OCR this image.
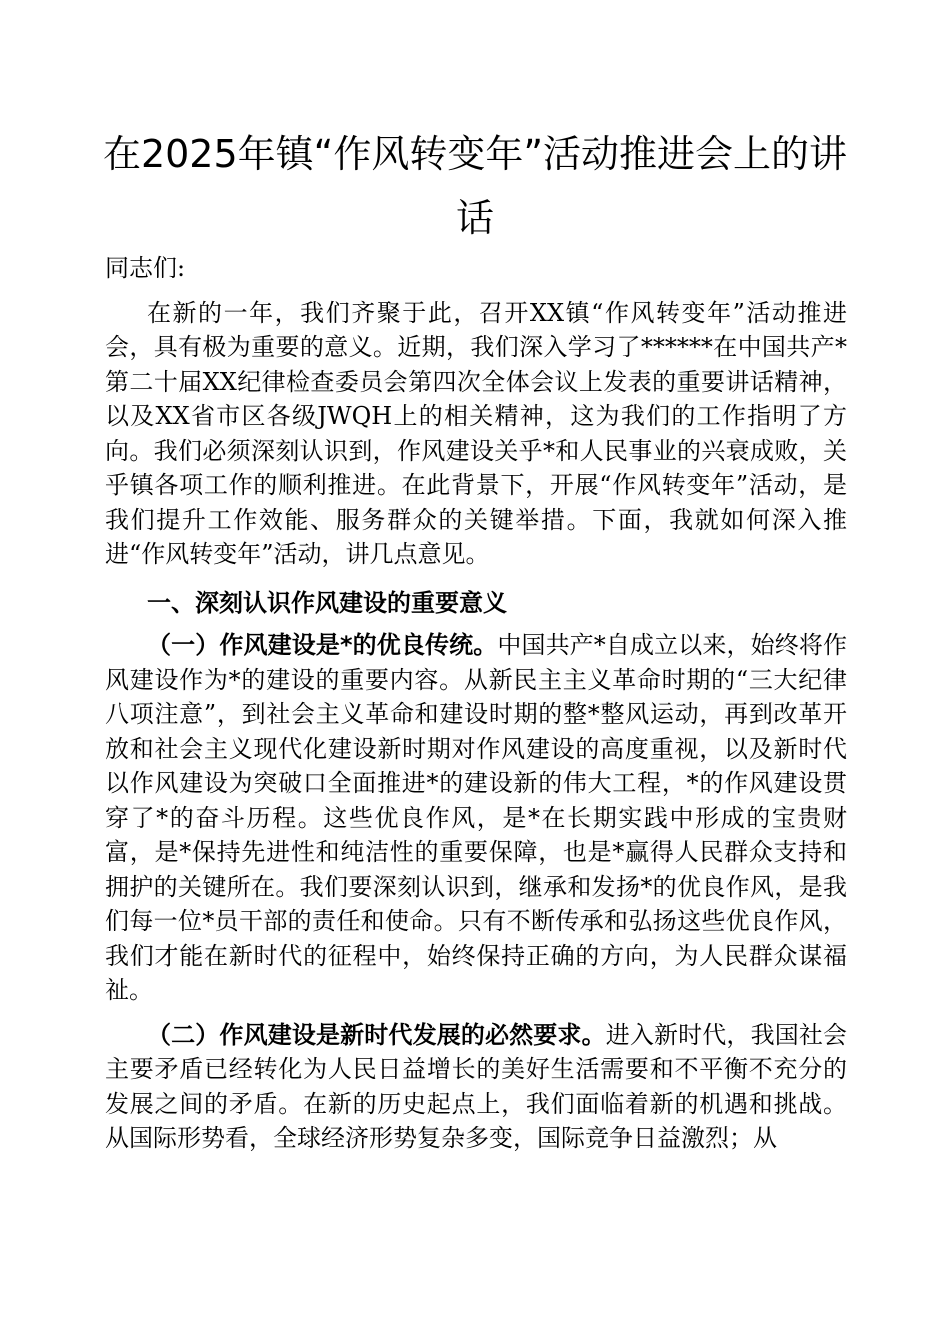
在2025年镇“作风转变年”活动推进会上的讲话

同志们:

在新的一年，我们齐聚于此，召开XX镇“作风转变年”活动推进会，具有极为重要的意义。近期，我们深入学习了******在中国共产*第二十届XX纪律检查委员会第四次全体会议上发表的重要讲话精神，以及XX省市区各级JWQH上的相关精神，这为我们的工作指明了方向。我们必须深刻认识到，作风建设关乎*和人民事业的兴衰成败，关乎镇各项工作的顺利推进。在此背景下，开展“作风转变年”活动，是我们提升工作效能、服务群众的关键举措。下面，我就如何深入推进“作风转变年”活动，讲几点意见。

一、深刻认识作风建设的重要意义

（一）作风建设是*的优良传统。中国共产*自成立以来，始终将作风建设作为*的建设的重要内容。从新民主主义革命时期的“三大纪律八项注意”，到社会主义革命和建设时期的整*整风运动，再到改革开放和社会主义现代化建设新时期对作风建设的高度重视，以及新时代以作风建设为突破口全面推进*的建设新的伟大工程，*的作风建设贯穿了*的奋斗历程。这些优良作风，是*在长期实践中形成的宝贵财富，是*保持先进性和纯洁性的重要保障，也是*赢得人民群众支持和拥护的关键所在。我们要深刻认识到，继承和发扬*的优良作风，是我们每一位*员干部的责任和使命。只有不断传承和弘扬这些优良作风，我们才能在新时代的征程中，始终保持正确的方向，为人民群众谋福祉。

（二）作风建设是新时代发展的必然要求。进入新时代，我国社会主要矛盾已经转化为人民日益增长的美好生活需要和不平衡不充分的发展之间的矛盾。在新的历史起点上，我们面临着新的机遇和挑战。从国际形势看，全球经济形势复杂多变，国际竞争日益激烈；从
